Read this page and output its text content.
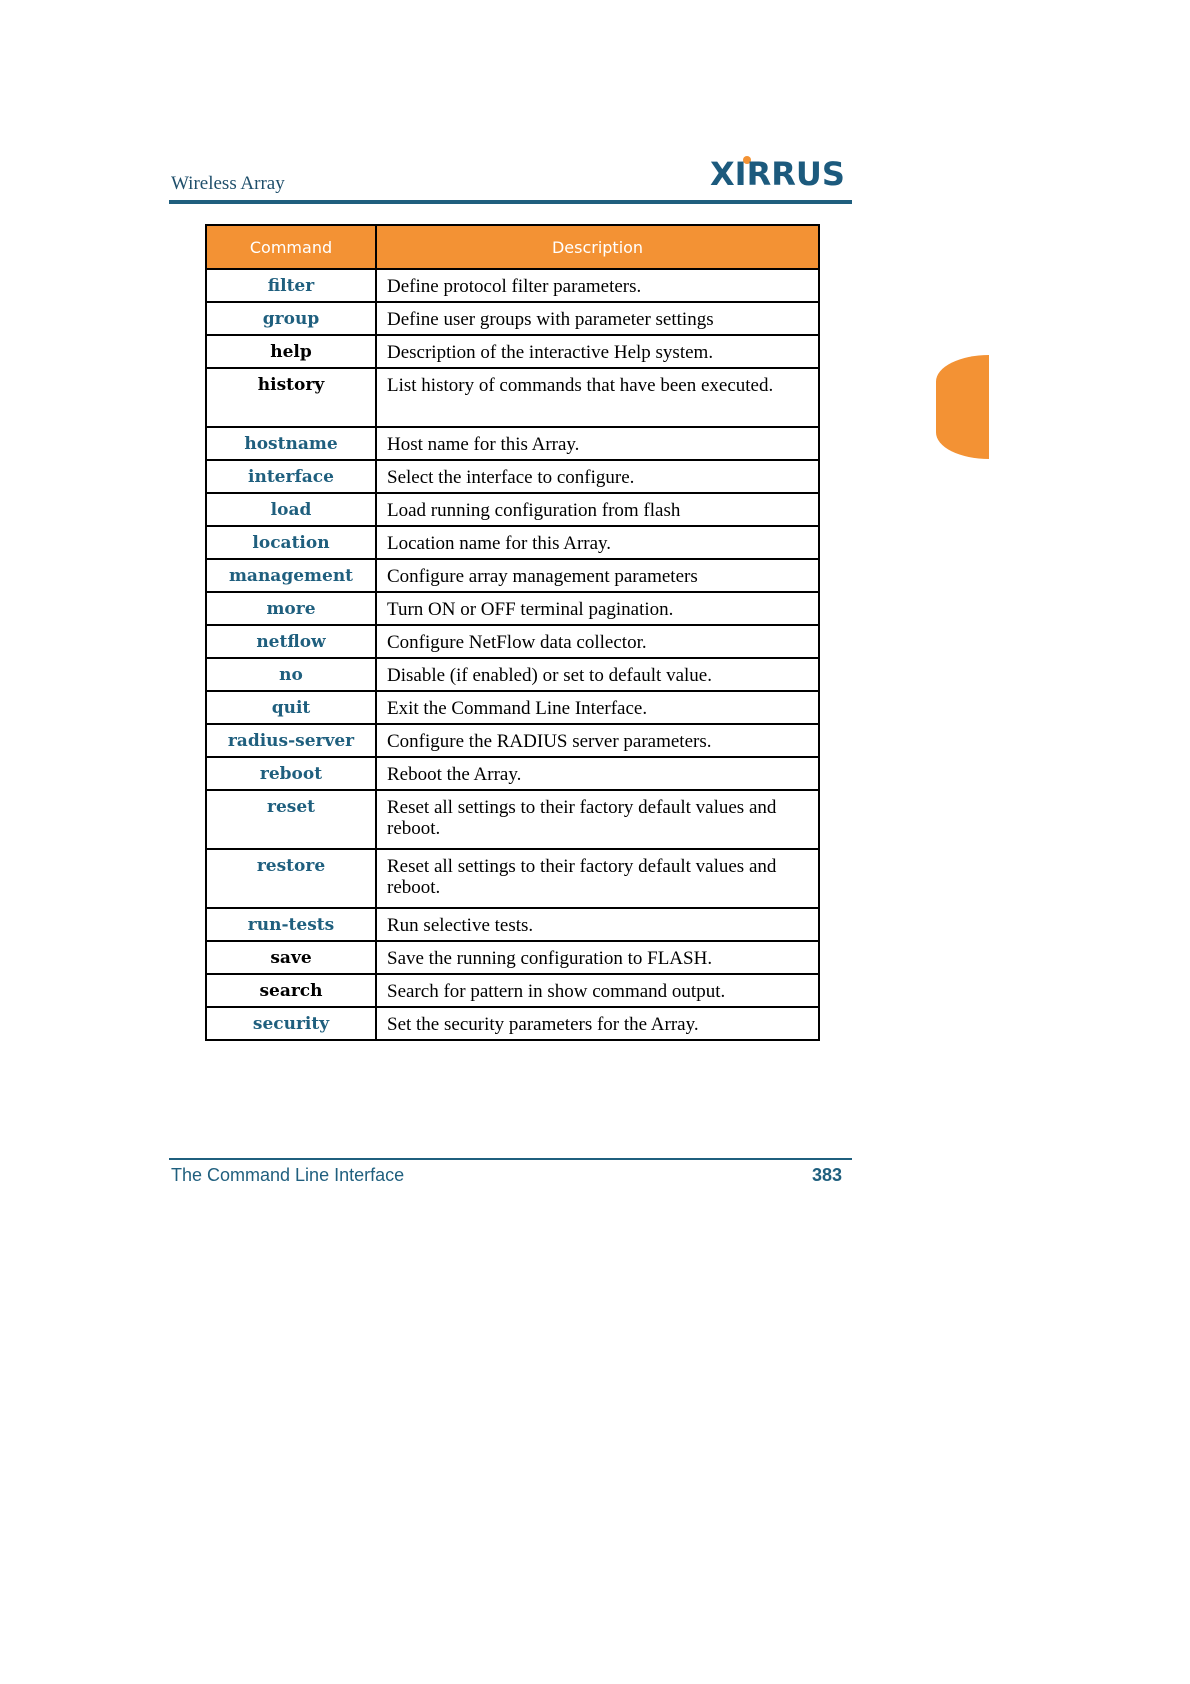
Wireless Array	XIRRUS
Command	Description
filter	Define protocol filter parameters.
group	Define user groups with parameter settings
help	Description of the interactive Help system.
history	List history of commands that have been executed.
hostname	Host name for this Array.
interface	Select the interface to configure.
load	Load running configuration from flash
location	Location name for this Array.
management	Configure array management parameters
more	Turn ON or OFF terminal pagination.
netflow	Configure NetFlow data collector.
no	Disable (if enabled) or set to default value.
quit	Exit the Command Line Interface.
radius-server	Configure the RADIUS server parameters.
reboot	Reboot the Array.
reset	Reset all settings to their factory default values and reboot.
restore	Reset all settings to their factory default values and reboot.
run-tests	Run selective tests.
save	Save the running configuration to FLASH.
search	Search for pattern in show command output.
security	Set the security parameters for the Array.
The Command Line Interface	383
